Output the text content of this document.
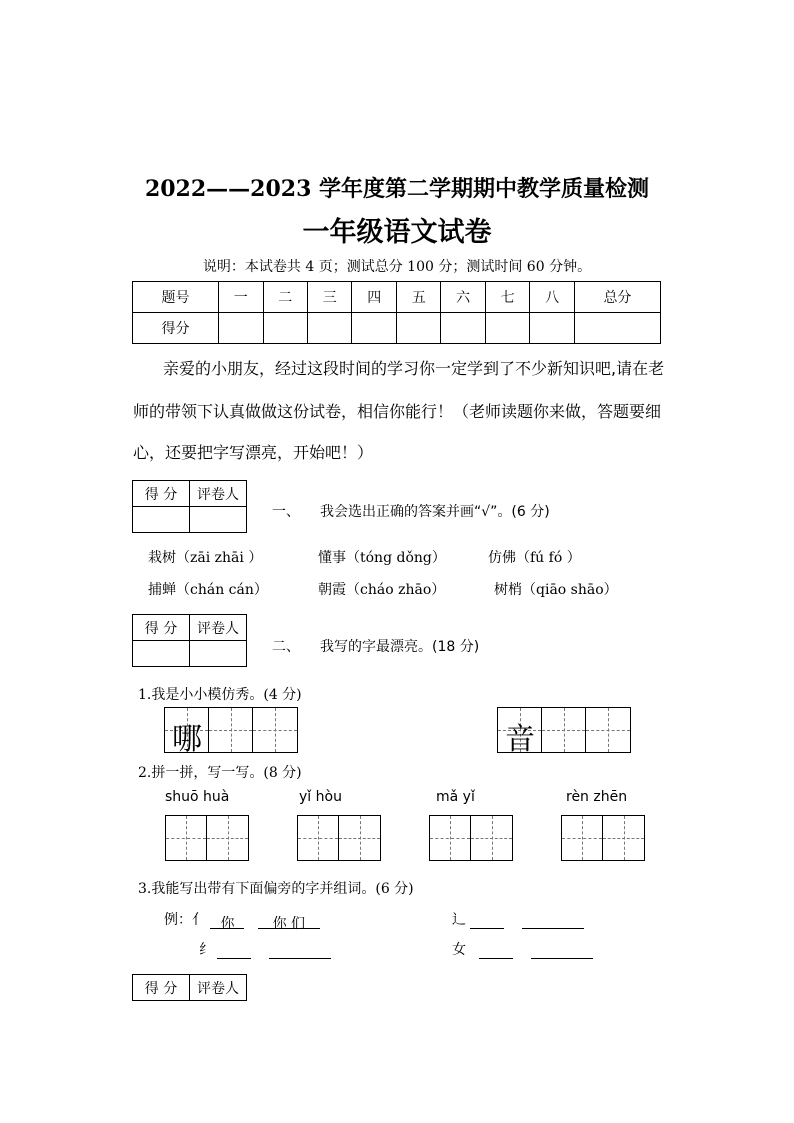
2022——2023 学年度第二学期期中教学质量检测
一年级语文试卷
说明：本试卷共 4 页；测试总分 100 分；测试时间 60 分钟。
题号	一	二	三	四	五	六	七	八	总分
得分									
亲爱的小朋友，经过这段时间的学习你一定学到了不少新知识吧,请在老
师的带领下认真做做这份试卷，相信你能行！（老师读题你来做，答题要细
心，还要把字写漂亮，开始吧！）
得 分	评卷人

一、 我会选出正确的答案并画“√”。(6 分)
栽树（zāi zhāi ）	懂事（tóng dǒng）	仿佛（fú fó ）
捕蝉（chán cán）	朝霞（cháo zhāo）	树梢（qiāo shāo）
得 分	评卷人

二、 我写的字最漂亮。(18 分)
1.我是小小模仿秀。(4 分)
哪	音
2.拼一拼，写一写。(8 分)
shuō huà	yǐ hòu	mǎ yǐ	rèn zhēn
3.我能写出带有下面偏旁的字并组词。(6 分)
例：亻 你	你 们	辶
纟	女
得 分	评卷人
